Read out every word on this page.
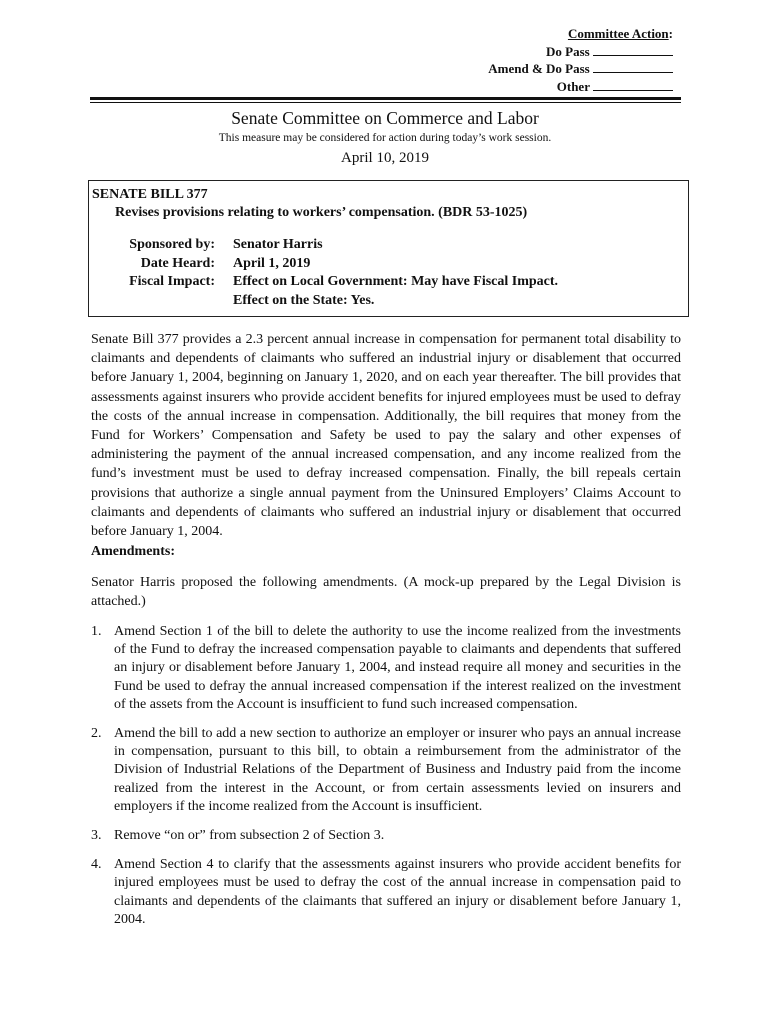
Committee Action:
Do Pass
Amend & Do Pass
Other
Senate Committee on Commerce and Labor
This measure may be considered for action during today’s work session.
April 10, 2019
SENATE BILL 377
Revises provisions relating to workers’ compensation. (BDR 53-1025)
Sponsored by:	Senator Harris
Date Heard:	April 1, 2019
Fiscal Impact:	Effect on Local Government: May have Fiscal Impact.
Effect on the State: Yes.

Senate Bill 377 provides a 2.3 percent annual increase in compensation for permanent total disability to claimants and dependents of claimants who suffered an industrial injury or disablement that occurred before January 1, 2004, beginning on January 1, 2020, and on each year thereafter. The bill provides that assessments against insurers who provide accident benefits for injured employees must be used to defray the costs of the annual increase in compensation. Additionally, the bill requires that money from the Fund for Workers’ Compensation and Safety be used to pay the salary and other expenses of administering the payment of the annual increased compensation, and any income realized from the fund’s investment must be used to defray increased compensation. Finally, the bill repeals certain provisions that authorize a single annual payment from the Uninsured Employers’ Claims Account to claimants and dependents of claimants who suffered an industrial injury or disablement that occurred before January 1, 2004.

Amendments:

Senator Harris proposed the following amendments. (A mock-up prepared by the Legal Division is attached.)

1. Amend Section 1 of the bill to delete the authority to use the income realized from the investments of the Fund to defray the increased compensation payable to claimants and dependents that suffered an injury or disablement before January 1, 2004, and instead require all money and securities in the Fund be used to defray the annual increased compensation if the interest realized on the investment of the assets from the Account is insufficient to fund such increased compensation.
2. Amend the bill to add a new section to authorize an employer or insurer who pays an annual increase in compensation, pursuant to this bill, to obtain a reimbursement from the administrator of the Division of Industrial Relations of the Department of Business and Industry paid from the income realized from the interest in the Account, or from certain assessments levied on insurers and employers if the income realized from the Account is insufficient.
3. Remove “on or” from subsection 2 of Section 3.
4. Amend Section 4 to clarify that the assessments against insurers who provide accident benefits for injured employees must be used to defray the cost of the annual increase in compensation paid to claimants and dependents of the claimants that suffered an injury or disablement before January 1, 2004.
